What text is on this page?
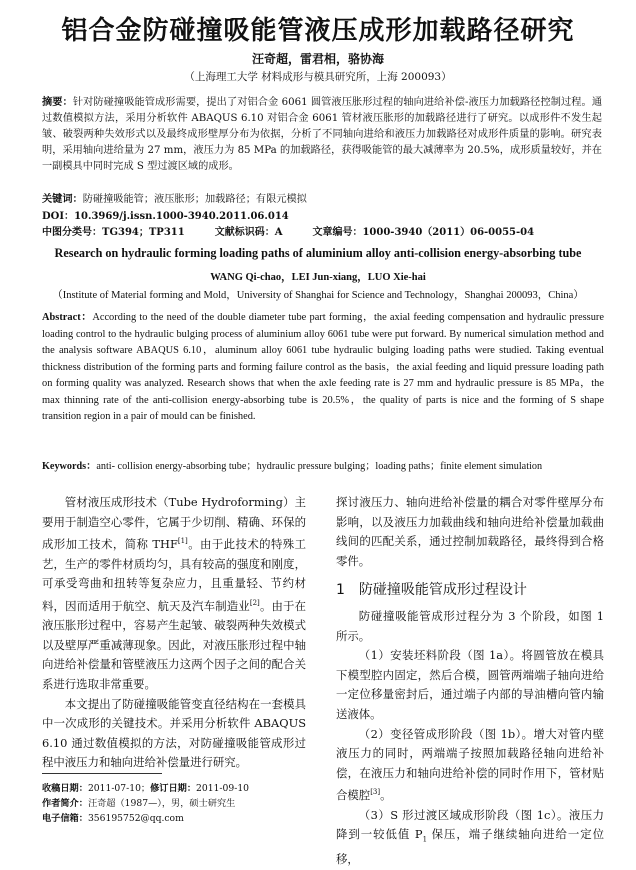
铝合金防碰撞吸能管液压成形加载路径研究
汪奇超，雷君相，骆协海
（上海理工大学 材料成形与模具研究所，上海 200093）
摘要：针对防碰撞吸能管成形需要，提出了对铝合金 6061 圆管液压胀形过程的轴向进给补偿-液压力加载路径控制过程。通过数值模拟方法，采用分析软件 ABAQUS 6.10 对铝合金 6061 管材液压胀形的加载路径进行了研究。以成形件不发生起皱、破裂两种失效形式以及最终成形壁厚分布为依据，分析了不同轴向进给和液压力加载路径对成形件质量的影响。研究表明，采用轴向进给量为 27 mm，液压力为 85 MPa 的加载路径，获得吸能管的最大减薄率为 20.5%，成形质量较好，并在一副模具中同时完成 S 型过渡区域的成形。
关键词：防碰撞吸能管；液压胀形；加载路径；有限元模拟
DOI：10.3969/j.issn.1000-3940.2011.06.014
中图分类号：TG394；TP311	文献标识码：A	文章编号：1000-3940（2011）06-0055-04
Research on hydraulic forming loading paths of aluminium alloy anti-collision energy-absorbing tube
WANG Qi-chao，LEI Jun-xiang，LUO Xie-hai
（Institute of Material forming and Mold，University of Shanghai for Science and Technology，Shanghai 200093，China）
Abstract：According to the need of the double diameter tube part forming，the axial feeding compensation and hydraulic pressure loading control to the hydraulic bulging process of aluminium alloy 6061 tube were put forward. By numerical simulation method and the analysis software ABAQUS 6.10，aluminum alloy 6061 tube hydraulic bulging loading paths were studied. Taking eventual thickness distribution of the forming parts and forming failure control as the basis，the axial feeding and liquid pressure loading path on forming quality was analyzed. Research shows that when the axle feeding rate is 27 mm and hydraulic pressure is 85 MPa，the max thinning rate of the anti-collision energy-absorbing tube is 20.5%，the quality of parts is nice and the forming of S shape transition region in a pair of mould can be finished.
Keywords：anti- collision energy-absorbing tube；hydraulic pressure bulging；loading paths；finite element simulation

管材液压成形技术（Tube Hydroforming）主要用于制造空心零件，它属于少切削、精确、环保的成形加工技术，简称 THF[1]。由于此技术的特殊工艺，生产的零件材质均匀，具有较高的强度和刚度，可承受弯曲和扭转等复杂应力，且重量轻、节约材料，因而适用于航空、航天及汽车制造业[2]。由于在液压胀形过程中，容易产生起皱、破裂两种失效模式以及壁厚严重减薄现象。因此，对液压胀形过程中轴向进给补偿量和管壁液压力这两个因子之间的配合关系进行选取非常重要。

本文提出了防碰撞吸能管变直径结构在一套模具中一次成形的关键技术。并采用分析软件 ABAQUS 6.10 通过数值模拟的方法，对防碰撞吸能管成形过程中液压力和轴向进给补偿量进行研究。

探讨液压力、轴向进给补偿量的耦合对零件壁厚分布影响，以及液压力加载曲线和轴向进给补偿量加载曲线间的匹配关系，通过控制加载路径，最终得到合格零件。

1 防碰撞吸能管成形过程设计

防碰撞吸能管成形过程分为 3 个阶段，如图 1 所示。

（1）安装坯料阶段（图 1a）。将圆管放在模具下模型腔内固定，然后合模，圆管两端端子轴向进给一定位移量密封后，通过端子内部的导油槽向管内输送液体。

（2）变径管成形阶段（图 1b）。增大对管内壁液压力的同时，两端端子按照加载路径轴向进给补偿，在液压力和轴向进给补偿的同时作用下，管材贴合模腔[3]。

（3）S 形过渡区域成形阶段（图 1c）。液压力降到一较低值 $P_1$ 保压，端子继续轴向进给一定位移，

收稿日期：2011-07-10；修订日期：2011-09-10
作者简介：汪奇超（1987—），男，硕士研究生
电子信箱：356195752@qq.com
